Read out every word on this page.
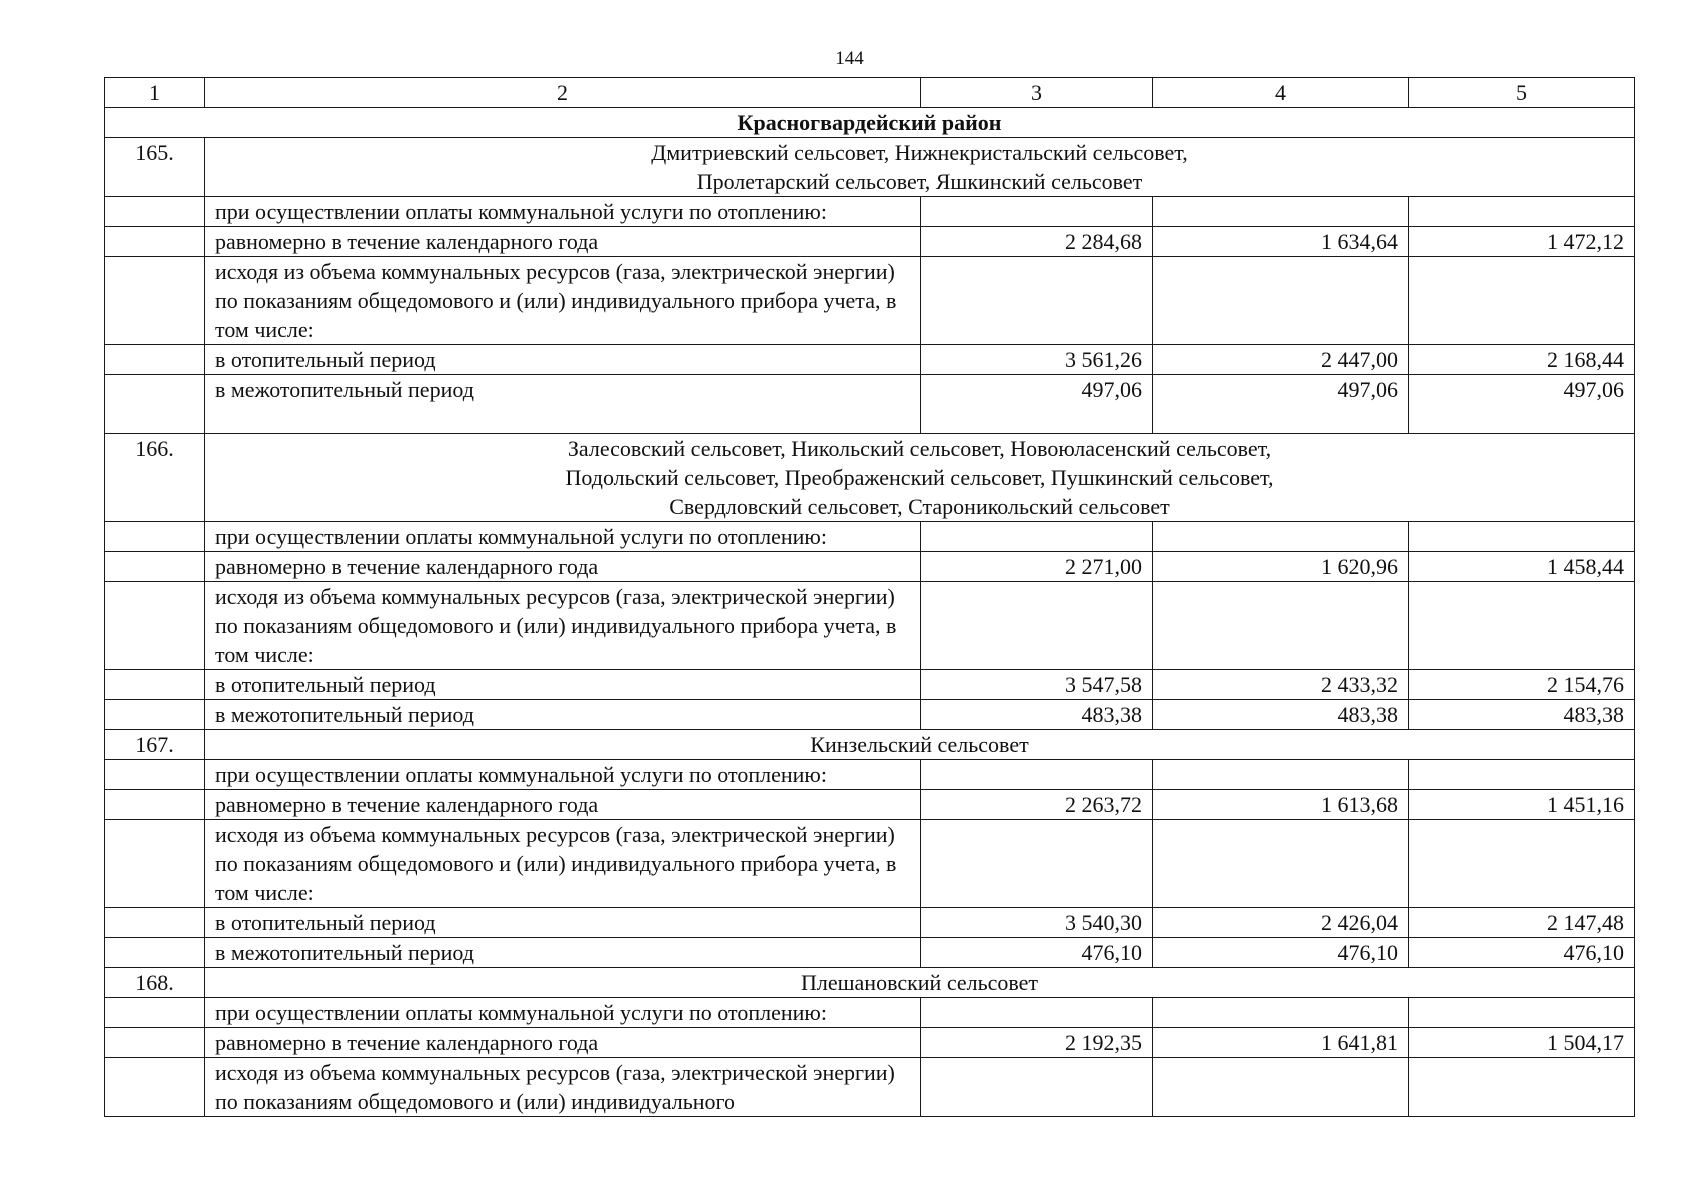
144
1	2	3	4	5
Красногвардейский район				
165.	Дмитриевский сельсовет, Нижнекристальский сельсовет,
Пролетарский сельсовет, Яшкинский сельсовет			

	при осуществлении оплаты коммунальной услуги по отоплению:			
	равномерно в течение календарного года	2 284,68	1 634,64	1 472,12
	исходя из объема коммунальных ресурсов (газа, электрической энергии) по показаниям общедомового и (или) индивидуального прибора учета, в том числе:			
	в отопительный период	3 561,26	2 447,00	2 168,44
	в межотопительный период	497,06	497,06	497,06
166.	Залесовский сельсовет, Никольский сельсовет, Новоюласенский сельсовет,
Подольский сельсовет, Преображенский сельсовет, Пушкинский сельсовет,
Свердловский сельсовет, Староникольский сельсовет			

	при осуществлении оплаты коммунальной услуги по отоплению:			
	равномерно в течение календарного года	2 271,00	1 620,96	1 458,44
	исходя из объема коммунальных ресурсов (газа, электрической энергии) по показаниям общедомового и (или) индивидуального прибора учета, в том числе:			
	в отопительный период	3 547,58	2 433,32	2 154,76
	в межотопительный период	483,38	483,38	483,38
167.	Кинзельский сельсовет			

	при осуществлении оплаты коммунальной услуги по отоплению:			
	равномерно в течение календарного года	2 263,72	1 613,68	1 451,16
	исходя из объема коммунальных ресурсов (газа, электрической энергии) по показаниям общедомового и (или) индивидуального прибора учета, в том числе:			
	в отопительный период	3 540,30	2 426,04	2 147,48
	в межотопительный период	476,10	476,10	476,10
168.	Плешановский сельсовет			

	при осуществлении оплаты коммунальной услуги по отоплению:			
	равномерно в течение календарного года	2 192,35	1 641,81	1 504,17
	исходя из объема коммунальных ресурсов (газа, электрической энергии) по показаниям общедомового и (или) индивидуального			
